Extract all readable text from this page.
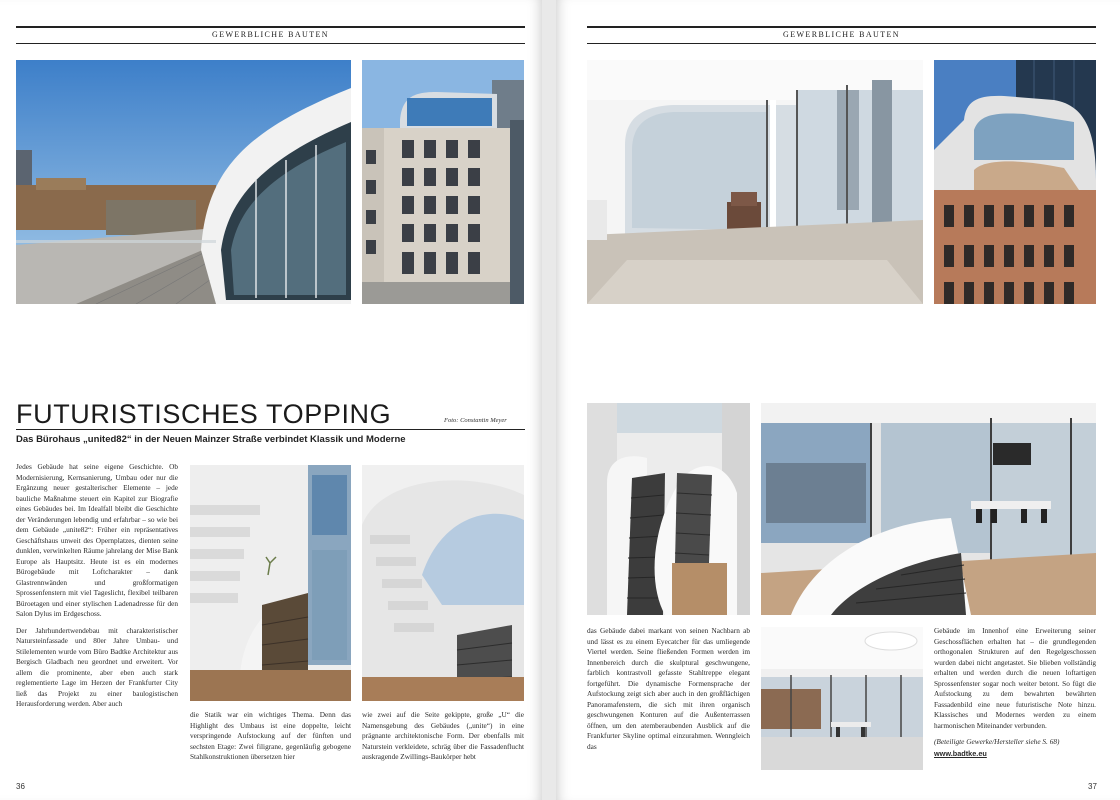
GEWERBLICHE BAUTEN
FUTURISTISCHES TOPPING	Foto: Constantin Meyer
Das Bürohaus „united82“ in der Neuen Mainzer Straße verbindet Klassik und Moderne

Jedes Gebäude hat seine eigene Geschichte. Ob Modernisierung, Kernsanierung, Umbau oder nur die Ergänzung neuer gestalterischer Elemente – jede bauliche Maßnahme steuert ein Kapitel zur Biografie eines Gebäudes bei. Im Idealfall bleibt die Geschichte der Veränderungen lebendig und erfahrbar – so wie bei dem Gebäude „unite82“: Früher ein repräsentatives Geschäftshaus unweit des Opernplatzes, dienten seine dunklen, verwinkelten Räume jahrelang der Mise Bank Europe als Hauptsitz. Heute ist es ein modernes Bürogebäude mit Loftcharakter – dank Glastrennwänden und großformatigen Sprossenfenstern mit viel Tageslicht, flexibel teilbaren Büroetagen und einer stylischen Ladenadresse für den Salon Dylus im Erdgeschoss.

Der Jahrhundertwendebau mit charakteristischer Natursteinfassade und 80er Jahre Umbau- und Stilelementen wurde vom Büro Badtke Architektur aus Bergisch Gladbach neu geordnet und erweitert. Vor allem die prominente, aber eben auch stark reglementierte Lage im Herzen der Frankfurter City ließ das Projekt zu einer baulogistischen Herausforderung werden. Aber auch

die Statik war ein wichtiges Thema. Denn das Highlight des Umbaus ist eine doppelte, leicht verspringende Aufstockung auf der fünften und sechsten Etage: Zwei filigrane, gegenläufig gebogene Stahlkonstruktionen übersetzen hier

wie zwei auf die Seite gekippte, große „U“ die Namensgebung des Gebäudes („unite“) in eine prägnante architektonische Form. Der ebenfalls mit Naturstein verkleidete, schräg über die Fassadenflucht auskragende Zwillings-Baukörper hebt

36
GEWERBLICHE BAUTEN

das Gebäude dabei markant von seinen Nachbarn ab und lässt es zu einem Eyecatcher für das umliegende Viertel werden. Seine fließenden Formen werden im Innenbereich durch die skulptural geschwungene, farblich kontrastvoll gefasste Stahltreppe elegant fortgeführt. Die dynamische Formensprache der Aufstockung zeigt sich aber auch in den großflächigen Panoramafenstern, die sich mit ihren organisch geschwungenen Konturen auf die Außenterrassen öffnen, um den atemberaubenden Ausblick auf die Frankfurter Skyline optimal einzurahmen. Wenngleich das

Gebäude im Innenhof eine Erweiterung seiner Geschossflächen erhalten hat – die grundlegenden orthogonalen Strukturen auf den Regelgeschossen wurden dabei nicht angetastet. Sie blieben vollständig erhalten und werden durch die neuen loftartigen Sprossenfenster sogar noch weiter betont. So fügt die Aufstockung zu dem bewahrten bewährten Fassadenbild eine neue futuristische Note hinzu. Klassisches und Modernes werden zu einem harmonischen Miteinander verbunden.

(Beteiligte Gewerke/Hersteller siehe S. 68)

www.badtke.eu

37
